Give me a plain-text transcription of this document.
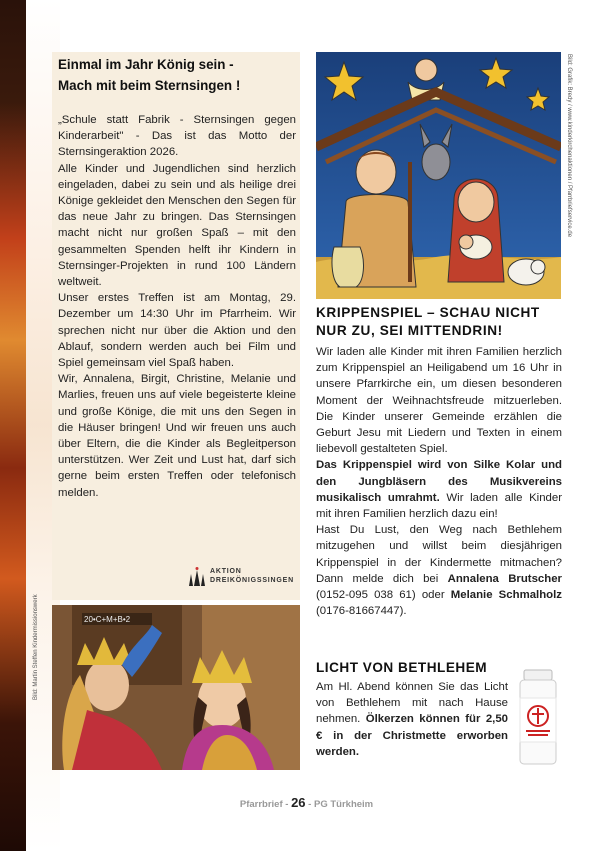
Einmal im Jahr König sein -
Mach mit beim Sternsingen !

„Schule statt Fabrik - Sternsingen gegen Kinderarbeit" - Das ist das Motto der Sternsingeraktion 2026.

Alle Kinder und Jugendlichen sind herzlich eingeladen, dabei zu sein und als heilige drei Könige gekleidet den Menschen den Segen für das neue Jahr zu bringen. Das Sternsingen macht nicht nur großen Spaß – mit den gesammelten Spenden helft ihr Kindern in Sternsinger-Projekten in rund 100 Ländern weltweit.

Unser erstes Treffen ist am Montag, 29. Dezember um 14:30 Uhr im Pfarrheim. Wir sprechen nicht nur über die Aktion und den Ablauf, sondern werden auch bei Film und Spiel gemeinsam viel Spaß haben.

Wir, Annalena, Birgit, Christine, Melanie und Marlies, freuen uns auf viele begeisterte kleine und große Könige, die mit uns den Segen in die Häuser bringen! Und wir freuen uns auch über Eltern, die die Kinder als Begleitperson unterstützen. Wer Zeit und Lust hat, darf sich gerne beim ersten Treffen oder telefonisch melden.

AKTION
DREIKÖNIGSSINGEN
20•C+M+B•2
Bild: Grafik: Bredy / www.kinderkirchenaktionen / Pfarrbriefservice.de
KRIPPENSPIEL – SCHAU NICHT
NUR ZU, SEI MITTENDRIN!

Wir laden alle Kinder mit ihren Familien herzlich zum Krippenspiel an Heiligabend um 16 Uhr in unsere Pfarrkirche ein, um diesen besonderen Moment der Weihnachtsfreude mitzuerleben. Die Kinder unserer Gemeinde erzählen die Geburt Jesu mit Liedern und Texten in einem liebevoll gestalteten Spiel.

Das Krippenspiel wird von Silke Kolar und den Jungbläsern des Musikvereins musikalisch umrahmt. Wir laden alle Kinder mit ihren Familien herzlich dazu ein!

Hast Du Lust, den Weg nach Bethlehem mitzugehen und willst beim diesjährigen Krippenspiel in der Kindermette mitmachen? Dann melde dich bei Annalena Brutscher (0152-095 038 61) oder Melanie Schmalholz (0176-81667447).

LICHT VON BETHLEHEM

Am Hl. Abend können Sie das Licht von Bethlehem mit nach Hause nehmen. Ölkerzen können für 2,50 € in der Christmette erworben werden.

Pfarrbrief - 26 - PG Türkheim
